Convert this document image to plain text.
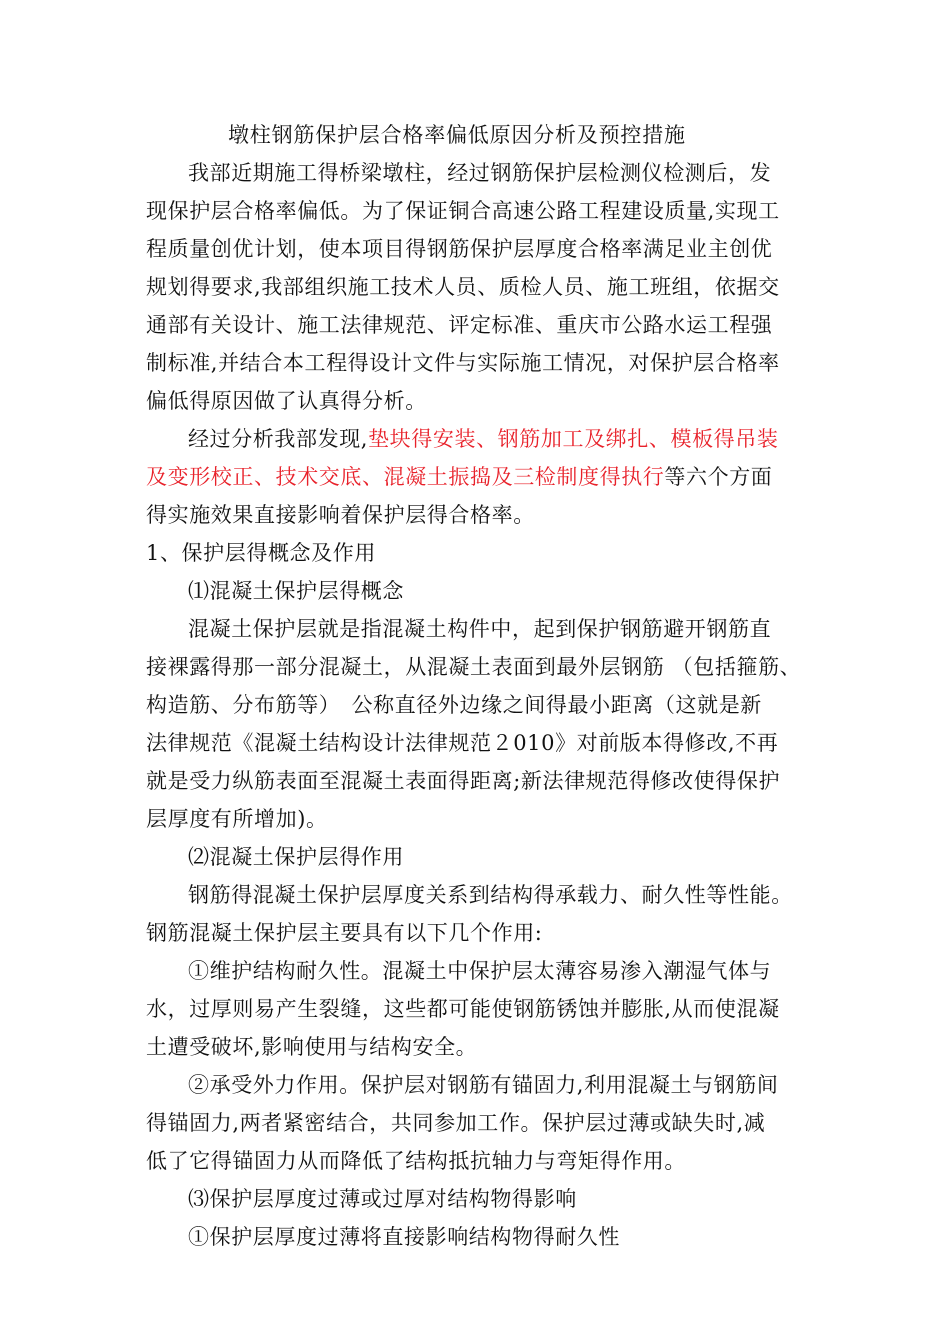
墩柱钢筋保护层合格率偏低原因分析及预控措施
我部近期施工得桥梁墩柱，经过钢筋保护层检测仪检测后，发
现保护层合格率偏低。为了保证铜合高速公路工程建设质量,实现工
程质量创优计划，使本项目得钢筋保护层厚度合格率满足业主创优
规划得要求,我部组织施工技术人员、质检人员、施工班组，依据交
通部有关设计、施工法律规范、评定标准、重庆市公路水运工程强
制标准,并结合本工程得设计文件与实际施工情况，对保护层合格率
偏低得原因做了认真得分析。
经过分析我部发现,垫块得安装、钢筋加工及绑扎、模板得吊装
及变形校正、技术交底、混凝土振捣及三检制度得执行等六个方面
得实施效果直接影响着保护层得合格率。
1、保护层得概念及作用
⑴混凝土保护层得概念
混凝土保护层就是指混凝土构件中，起到保护钢筋避开钢筋直
接裸露得那一部分混凝土，从混凝土表面到最外层钢筋 （包括箍筋、
构造筋、分布筋等）　公称直径外边缘之间得最小距离（这就是新
法律规范《混凝土结构设计法律规范２010》对前版本得修改,不再
就是受力纵筋表面至混凝土表面得距离;新法律规范得修改使得保护
层厚度有所增加)。
⑵混凝土保护层得作用
钢筋得混凝土保护层厚度关系到结构得承载力、耐久性等性能。
钢筋混凝土保护层主要具有以下几个作用:
①维护结构耐久性。混凝土中保护层太薄容易渗入潮湿气体与
水，过厚则易产生裂缝，这些都可能使钢筋锈蚀并膨胀,从而使混凝
土遭受破坏,影响使用与结构安全。
②承受外力作用。保护层对钢筋有锚固力,利用混凝土与钢筋间
得锚固力,两者紧密结合，共同参加工作。保护层过薄或缺失时,减
低了它得锚固力从而降低了结构抵抗轴力与弯矩得作用。
⑶保护层厚度过薄或过厚对结构物得影响
①保护层厚度过薄将直接影响结构物得耐久性
